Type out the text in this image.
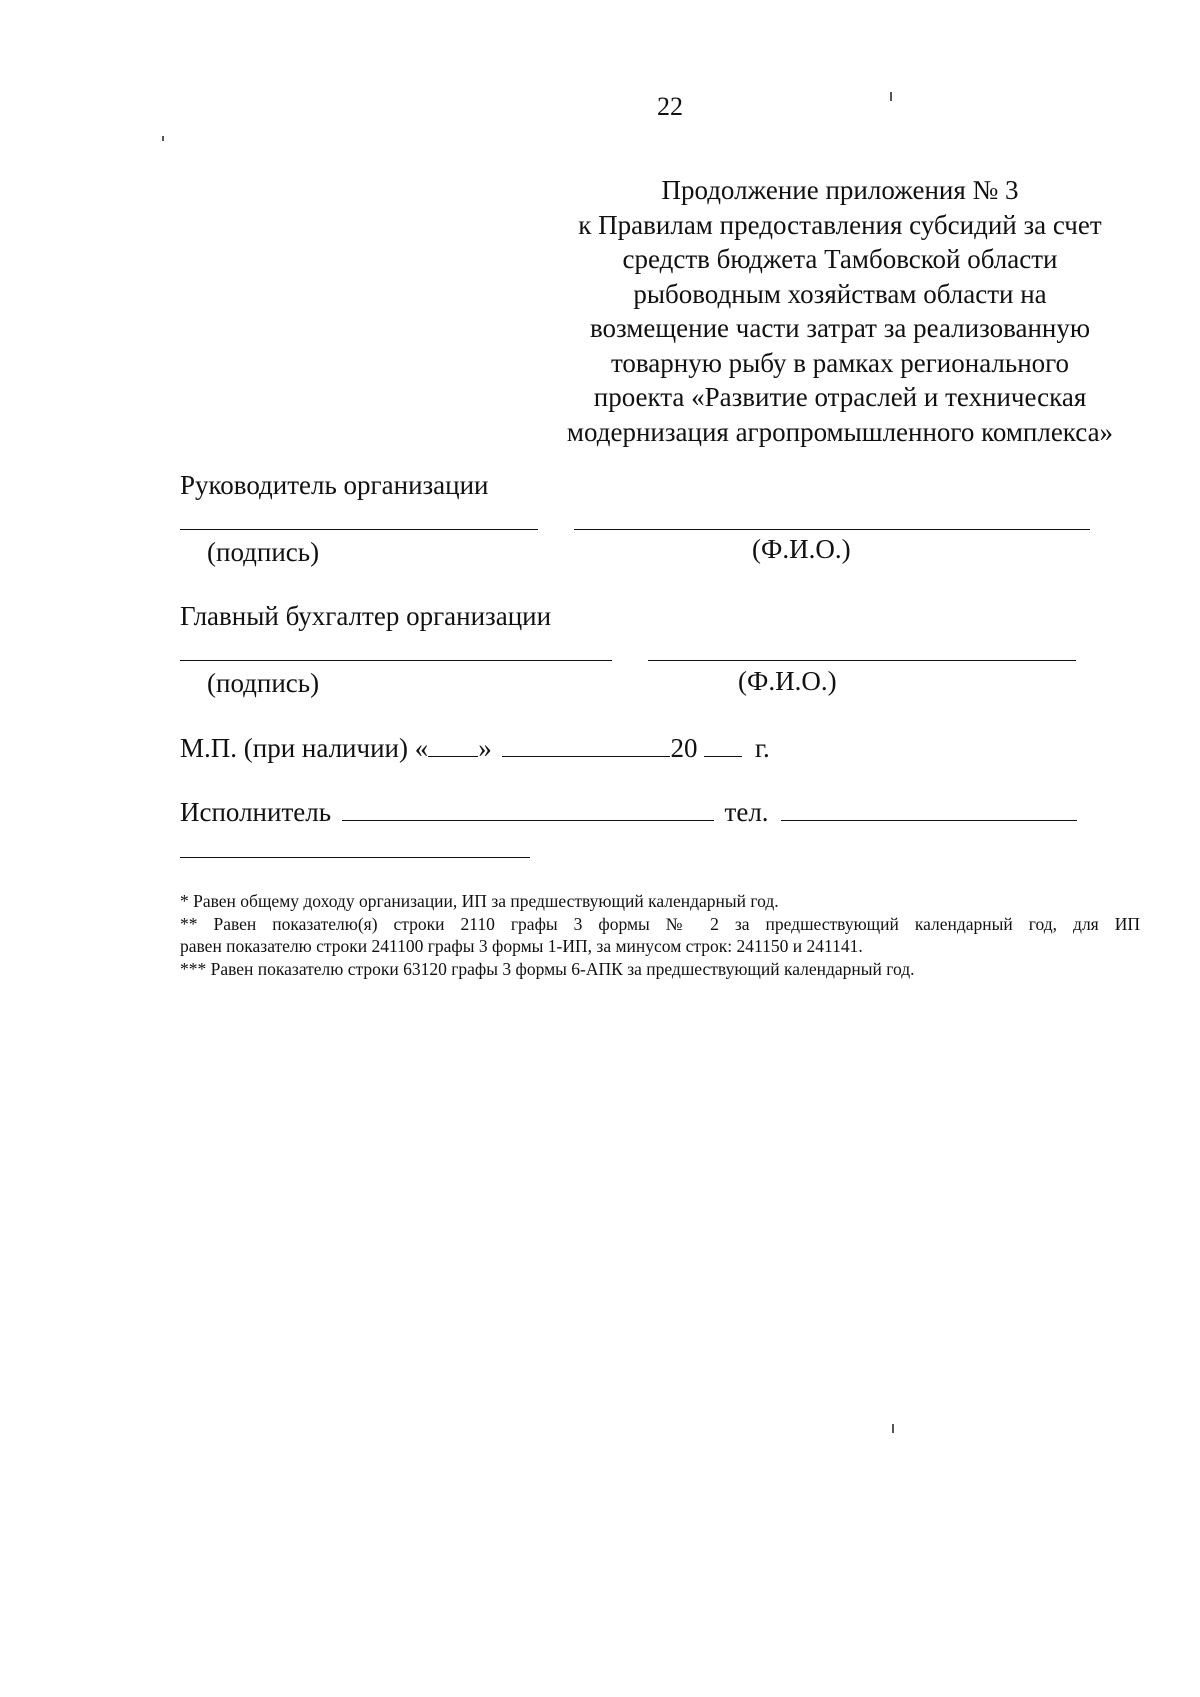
22
Продолжение приложения № 3
к Правилам предоставления субсидий за счет
средств бюджета Тамбовской области
рыбоводным хозяйствам области на
возмещение части затрат за реализованную
товарную рыбу в рамках регионального
проекта «Развитие отраслей и техническая
модернизация агропромышленного комплекса»
Руководитель организации
(подпись)	(Ф.И.О.)
Главный бухгалтер организации
(подпись)	(Ф.И.О.)
М.П. (при наличии) « »	20 г.
Исполнитель	тел.
* Равен общему доходу организации, ИП за предшествующий календарный год.
** Равен показателю(я) строки 2110 графы 3 формы № 2 за предшествующий календарный год, для ИП
равен показателю строки 241100 графы 3 формы 1-ИП, за минусом строк: 241150 и 241141.
*** Равен показателю строки 63120 графы 3 формы 6-АПК за предшествующий календарный год.
